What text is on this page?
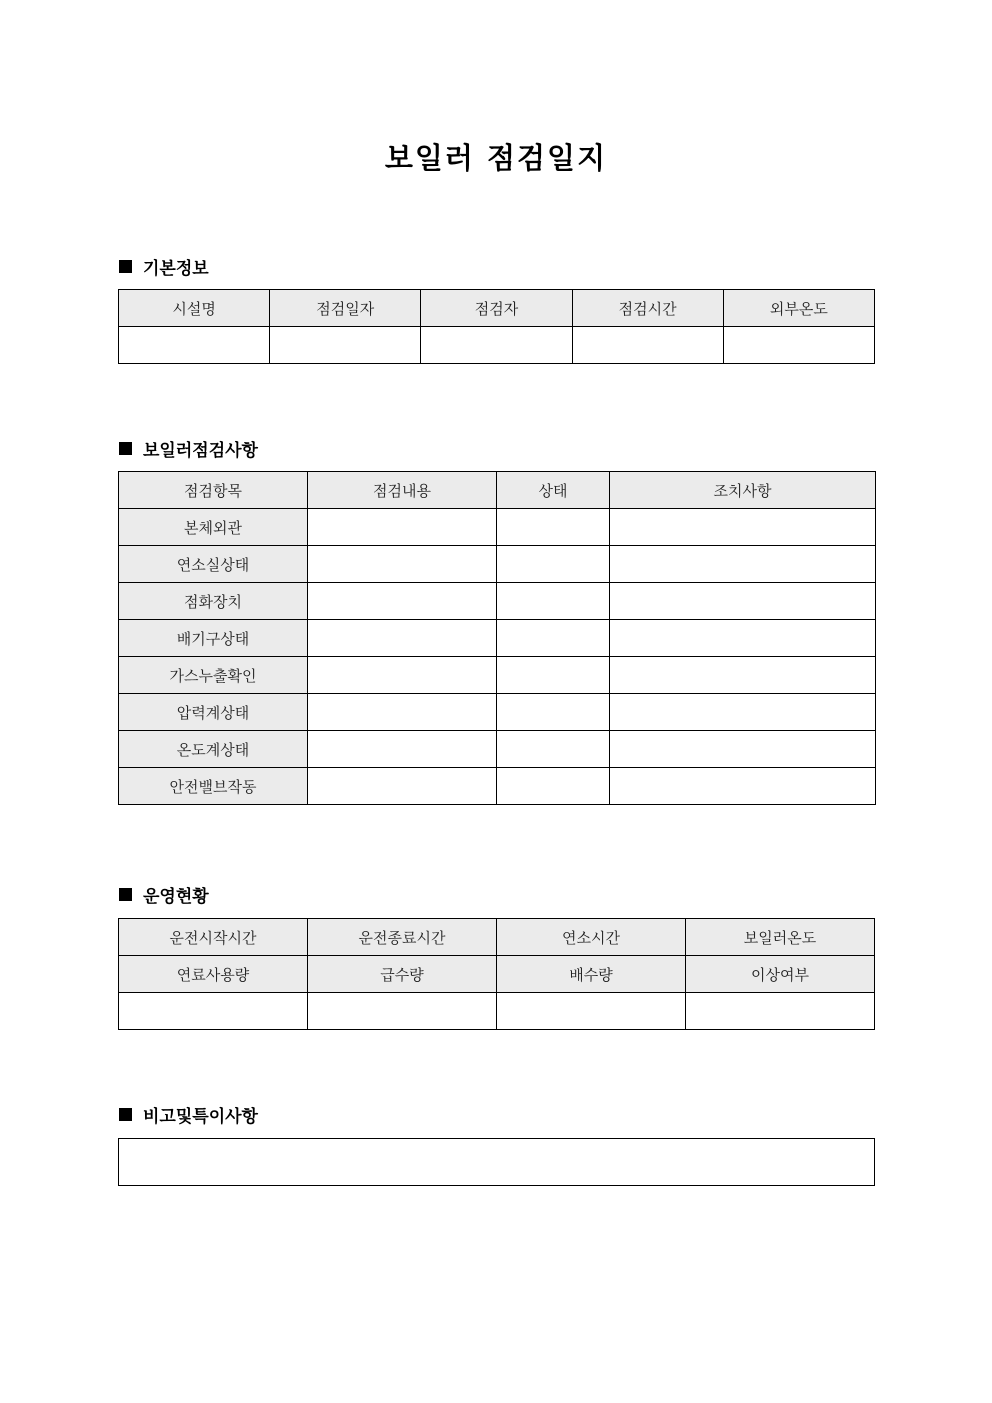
보일러 점검일지
기본정보
시설명	점검일자	점검자	점검시간	외부온도

보일러점검사항
점검항목	점검내용	상태	조치사항
본체외관			
연소실상태			
점화장치			
배기구상태			
가스누출확인			
압력계상태			
온도계상태			
안전밸브작동			
운영현황
운전시작시간	운전종료시간	연소시간	보일러온도
연료사용량	급수량	배수량	이상여부

비고및특이사항
